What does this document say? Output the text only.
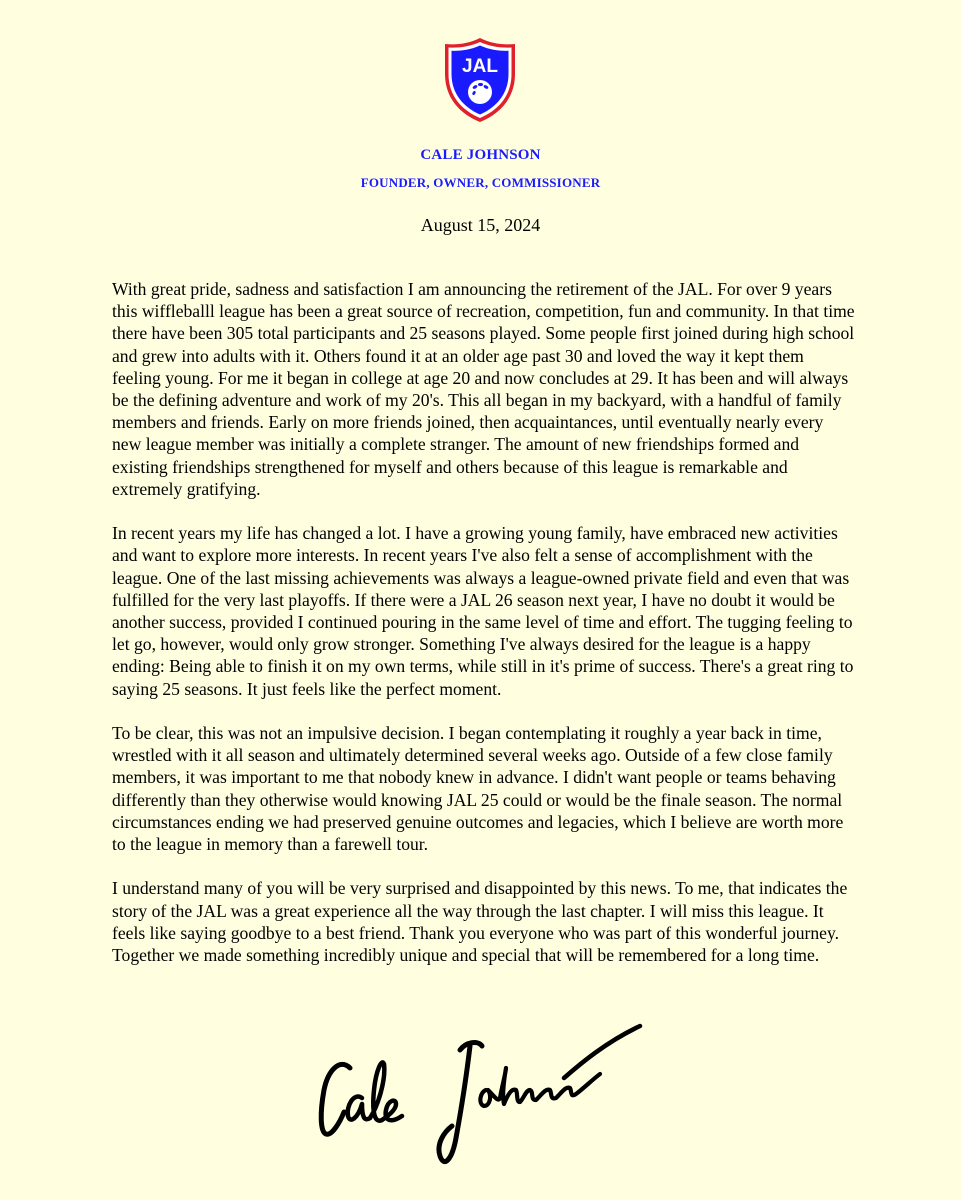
JAL
CALE JOHNSON
FOUNDER, OWNER, COMMISSIONER
August 15, 2024

With great pride, sadness and satisfaction I am announcing the retirement of the JAL. For over 9 years this wiffleballl league has been a great source of recreation, competition, fun and community. In that time there have been 305 total participants and 25 seasons played. Some people first joined during high school and grew into adults with it. Others found it at an older age past 30 and loved the way it kept them feeling young. For me it began in college at age 20 and now concludes at 29. It has been and will always be the defining adventure and work of my 20's. This all began in my backyard, with a handful of family members and friends. Early on more friends joined, then acquaintances, until eventually nearly every new league member was initially a complete stranger. The amount of new friendships formed and existing friendships strengthened for myself and others because of this league is remarkable and extremely gratifying.

In recent years my life has changed a lot. I have a growing young family, have embraced new activities and want to explore more interests. In recent years I've also felt a sense of accomplishment with the league. One of the last missing achievements was always a league-owned private field and even that was fulfilled for the very last playoffs. If there were a JAL 26 season next year, I have no doubt it would be another success, provided I continued pouring in the same level of time and effort. The tugging feeling to let go, however, would only grow stronger. Something I've always desired for the league is a happy ending: Being able to finish it on my own terms, while still in it's prime of success. There's a great ring to saying 25 seasons. It just feels like the perfect moment.

To be clear, this was not an impulsive decision. I began contemplating it roughly a year back in time, wrestled with it all season and ultimately determined several weeks ago. Outside of a few close family members, it was important to me that nobody knew in advance. I didn't want people or teams behaving differently than they otherwise would knowing JAL 25 could or would be the finale season. The normal circumstances ending we had preserved genuine outcomes and legacies, which I believe are worth more to the league in memory than a farewell tour.

I understand many of you will be very surprised and disappointed by this news. To me, that indicates the story of the JAL was a great experience all the way through the last chapter. I will miss this league. It feels like saying goodbye to a best friend. Thank you everyone who was part of this wonderful journey. Together we made something incredibly unique and special that will be remembered for a long time.
